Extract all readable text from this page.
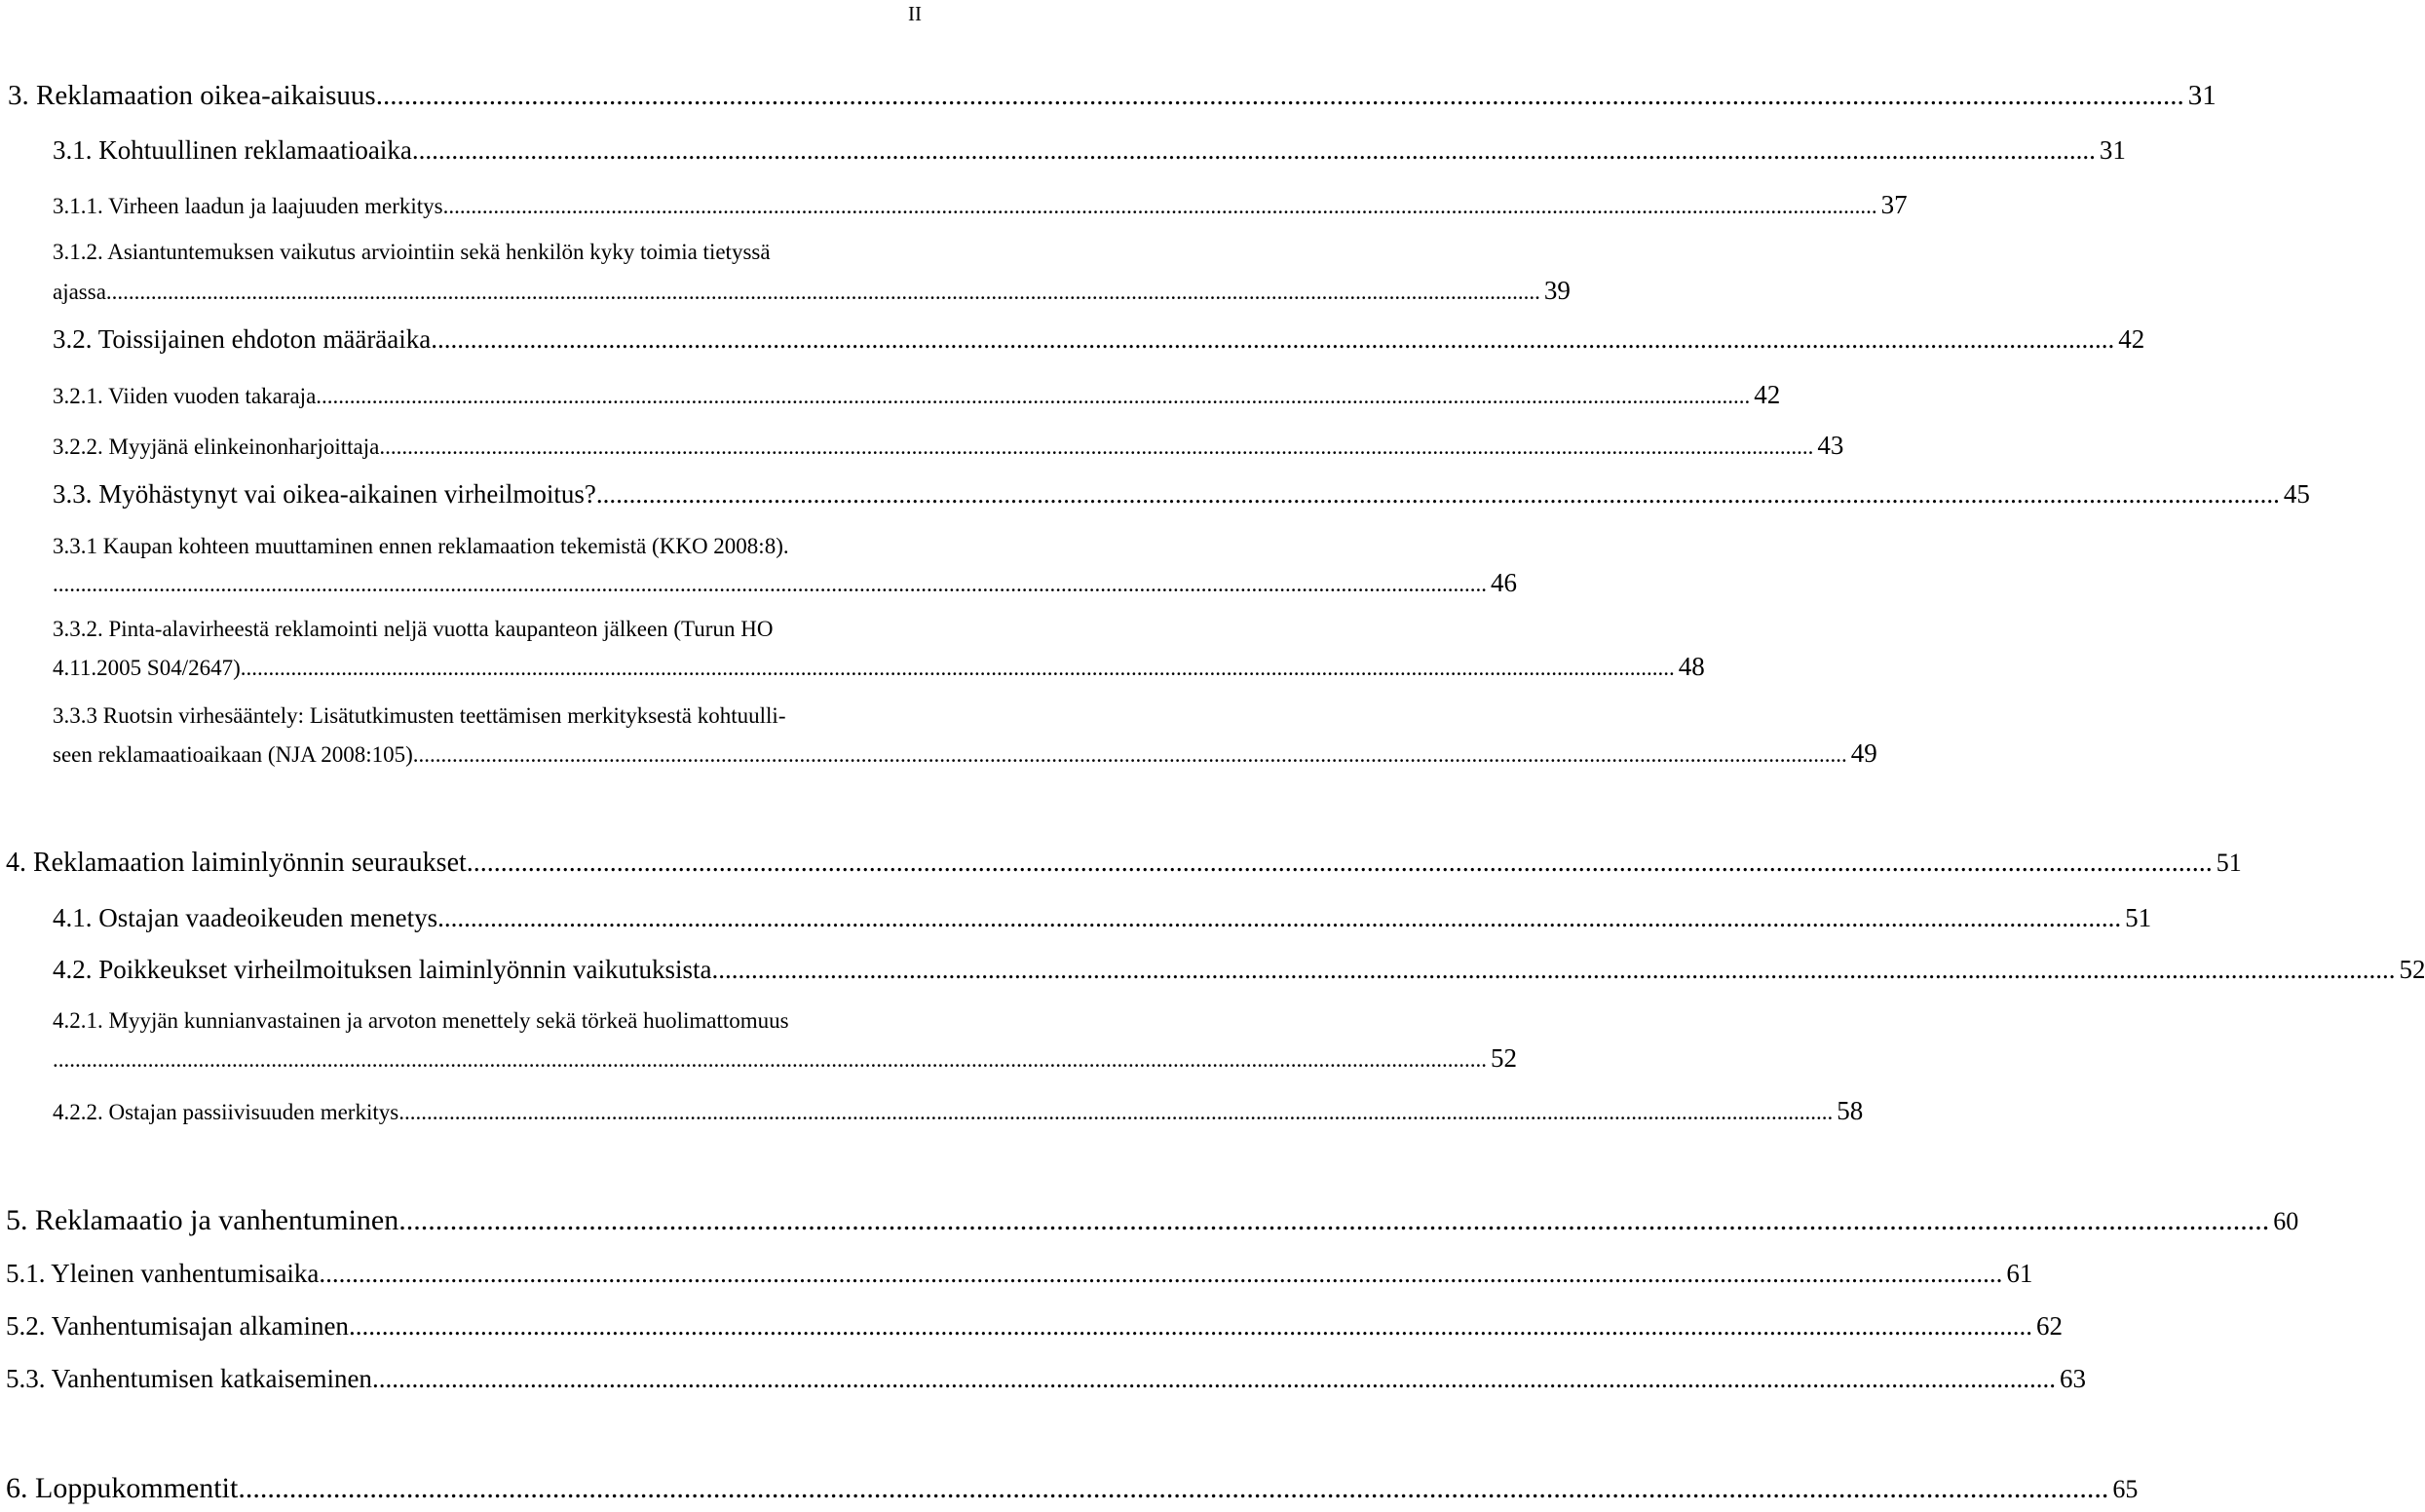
II
3. Reklamaation oikea-aikaisuus ................................................................................................................................................................................................................................................................ 31
3.1. Kohtuullinen reklamaatioaika ................................................................................................................................................................................................................................................................ 31
3.1.1. Virheen laadun ja laajuuden merkitys ................................................................................................................................................................................................................................................................ 37
3.1.2. Asiantuntemuksen vaikutus arviointiin sekä henkilön kyky toimia tietyssä
ajassa ................................................................................................................................................................................................................................................................ 39
3.2. Toissijainen ehdoton määräaika ................................................................................................................................................................................................................................................................ 42
3.2.1. Viiden vuoden takaraja ................................................................................................................................................................................................................................................................ 42
3.2.2. Myyjänä elinkeinonharjoittaja ................................................................................................................................................................................................................................................................ 43
3.3. Myöhästynyt vai oikea-aikainen virheilmoitus? ................................................................................................................................................................................................................................................................ 45
3.3.1 Kaupan kohteen muuttaminen ennen reklamaation tekemistä (KKO 2008:8).
................................................................................................................................................................................................................................................................ 46
3.3.2. Pinta-alavirheestä reklamointi neljä vuotta kaupanteon jälkeen (Turun HO
4.11.2005 S04/2647) ................................................................................................................................................................................................................................................................ 48
3.3.3 Ruotsin virhesääntely: Lisätutkimusten teettämisen merkityksestä kohtuulli-
seen reklamaatioaikaan (NJA 2008:105) ................................................................................................................................................................................................................................................................ 49
4. Reklamaation laiminlyönnin seuraukset ................................................................................................................................................................................................................................................................ 51
4.1. Ostajan vaadeoikeuden menetys ................................................................................................................................................................................................................................................................ 51
4.2. Poikkeukset virheilmoituksen laiminlyönnin vaikutuksista ................................................................................................................................................................................................................................................................ 52
4.2.1. Myyjän kunnianvastainen ja arvoton menettely sekä törkeä huolimattomuus
................................................................................................................................................................................................................................................................ 52
4.2.2. Ostajan passiivisuuden merkitys ................................................................................................................................................................................................................................................................ 58
5. Reklamaatio ja vanhentuminen ................................................................................................................................................................................................................................................................ 60
5.1. Yleinen vanhentumisaika ................................................................................................................................................................................................................................................................ 61
5.2. Vanhentumisajan alkaminen ................................................................................................................................................................................................................................................................ 62
5.3. Vanhentumisen katkaiseminen ................................................................................................................................................................................................................................................................ 63
6. Loppukommentit ................................................................................................................................................................................................................................................................ 65
